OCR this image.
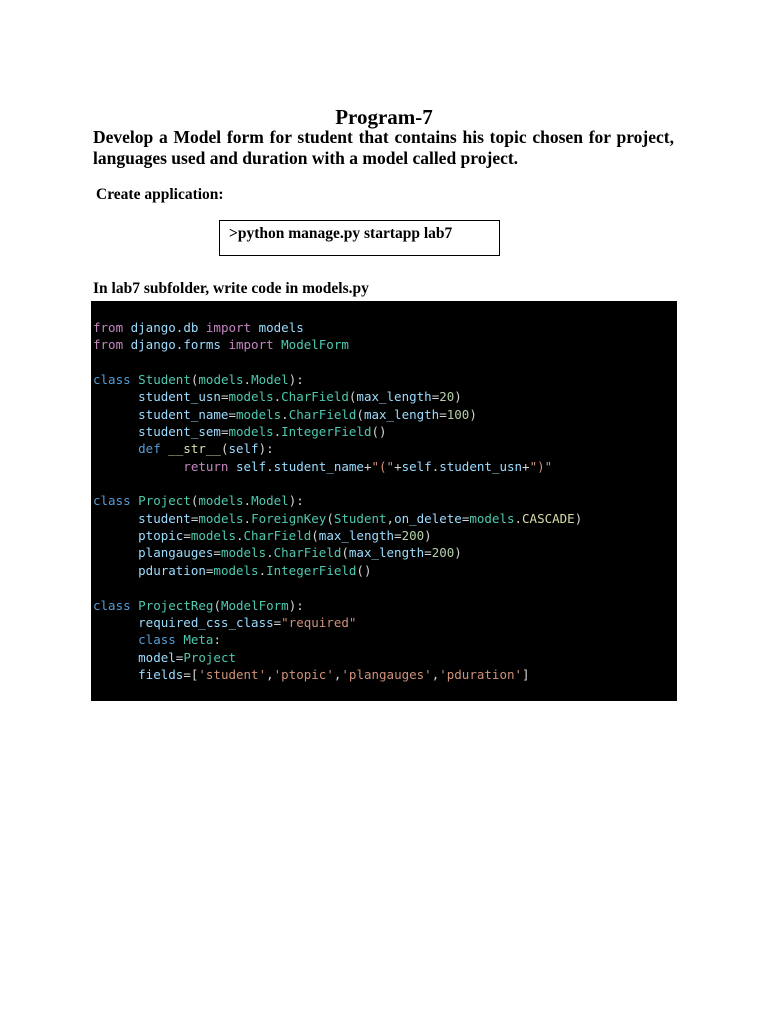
Program-7
Develop a Model form for student that contains his topic chosen for project, languages used and duration with a model called project.
Create application:
>python manage.py startapp lab7
In lab7 subfolder, write code in models.py
from django.db import models
from django.forms import ModelForm

class Student(models.Model):
student_usn=models.CharField(max_length=20)
student_name=models.CharField(max_length=100)
student_sem=models.IntegerField()
def __str__(self):
return self.student_name+"("+self.student_usn+")"

class Project(models.Model):
student=models.ForeignKey(Student,on_delete=models.CASCADE)
ptopic=models.CharField(max_length=200)
plangauges=models.CharField(max_length=200)
pduration=models.IntegerField()

class ProjectReg(ModelForm):
required_css_class="required"
class Meta:
model=Project
fields=['student','ptopic','plangauges','pduration']
